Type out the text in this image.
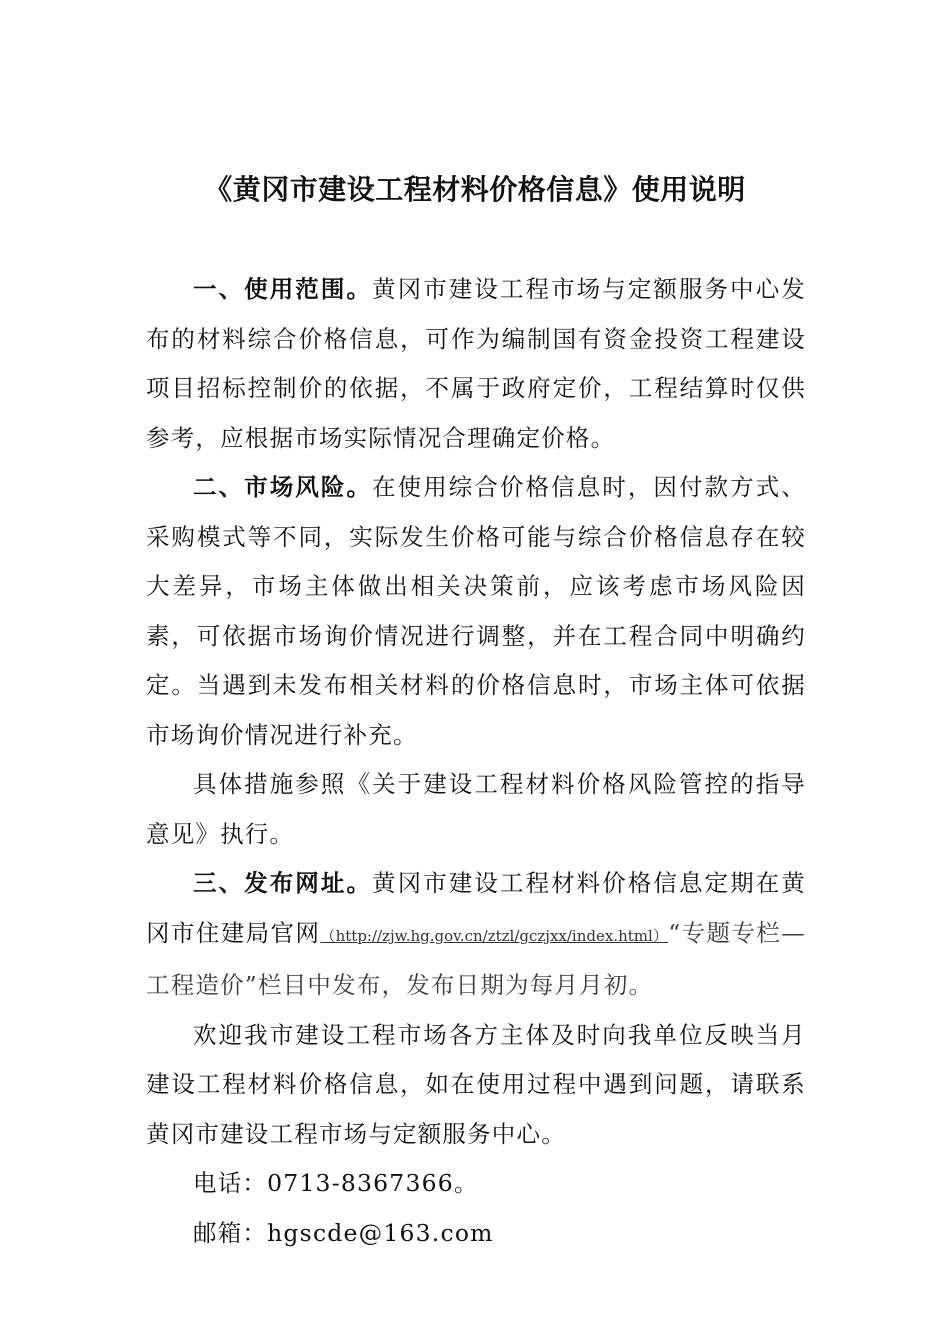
《黄冈市建设工程材料价格信息》使用说明

一、使用范围。黄冈市建设工程市场与定额服务中心发布的材料综合价格信息，可作为编制国有资金投资工程建设项目招标控制价的依据，不属于政府定价，工程结算时仅供参考，应根据市场实际情况合理确定价格。

二、市场风险。在使用综合价格信息时，因付款方式、采购模式等不同，实际发生价格可能与综合价格信息存在较大差异，市场主体做出相关决策前，应该考虑市场风险因素，可依据市场询价情况进行调整，并在工程合同中明确约定。当遇到未发布相关材料的价格信息时，市场主体可依据市场询价情况进行补充。

具体措施参照《关于建设工程材料价格风险管控的指导意见》执行。

三、发布网址。黄冈市建设工程材料价格信息定期在黄冈市住建局官网（http://zjw.hg.gov.cn/ztzl/gczjxx/index.html）“专题专栏—工程造价”栏目中发布，发布日期为每月月初。

欢迎我市建设工程市场各方主体及时向我单位反映当月建设工程材料价格信息，如在使用过程中遇到问题，请联系黄冈市建设工程市场与定额服务中心。

电话：0713-8367366。

邮箱：hgscde@163.com
